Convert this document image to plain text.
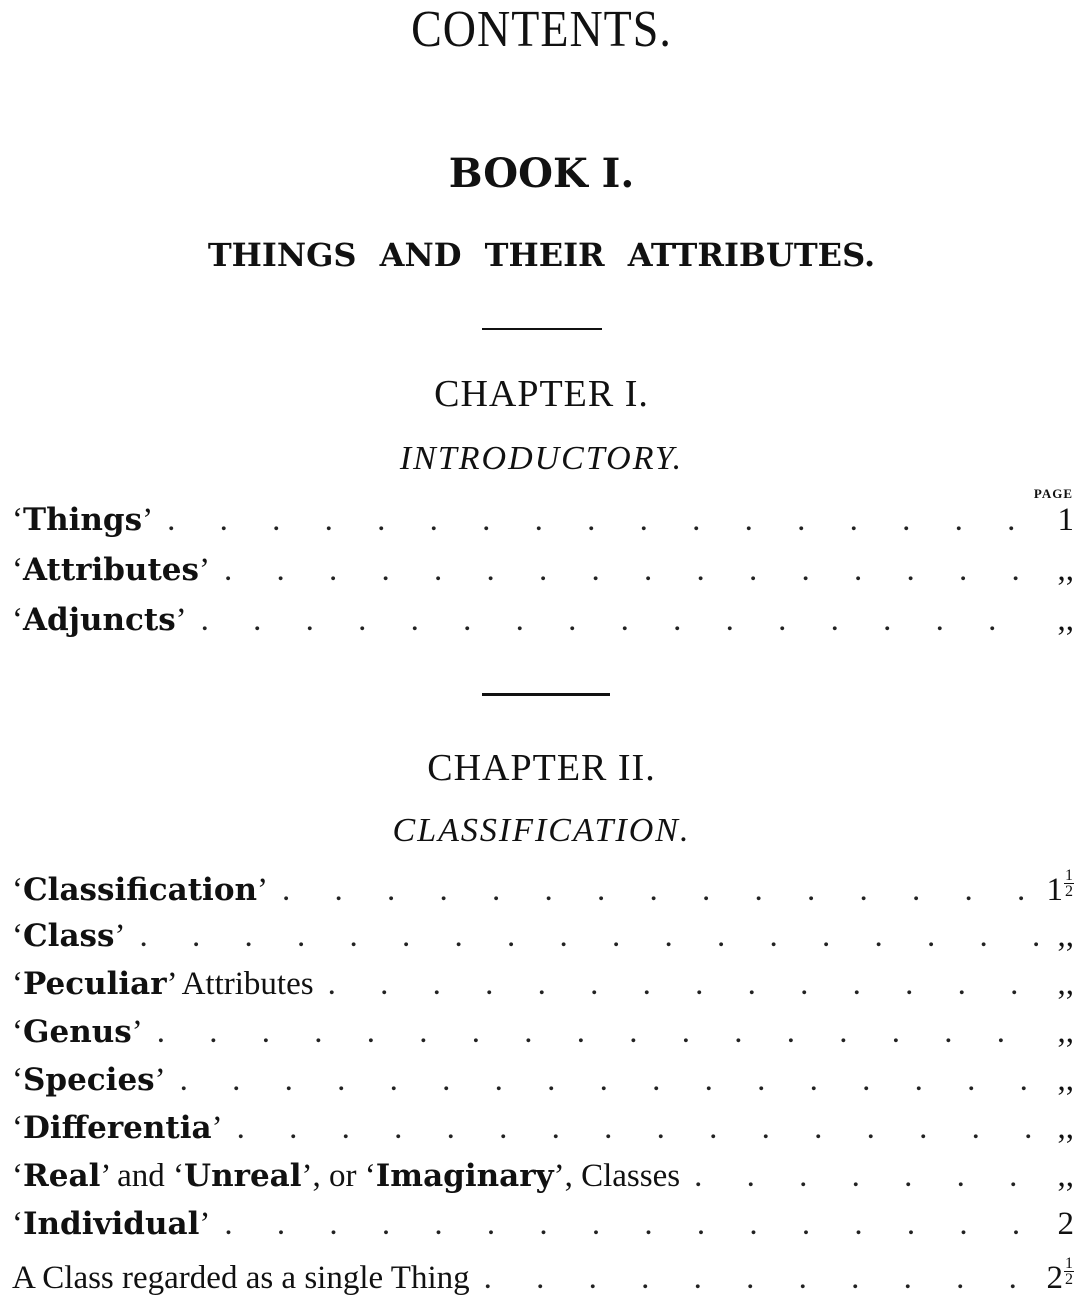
CONTENTS.
BOOK I.
THINGS AND THEIR ATTRIBUTES.
CHAPTER I.
INTRODUCTORY.
PAGE
‘Things’ . . .	1
‘Attributes’ . . .	,,
‘Adjuncts’ . . .	,,
CHAPTER II.
CLASSIFICATION.
‘Classification’ . . .	$1 \frac{1}{2}$
‘Class’ . . .	,,
‘Peculiar’ Attributes . . .	,,
‘Genus’ . . .	,,
‘Species’ . . .	,,
‘Differentia’ . . .	,,
‘Real’ and ‘Unreal’, or ‘Imaginary’, Classes . . .	,,
‘Individual’ . . .	2
A Class regarded as a single Thing . . .	$2 \frac{1}{2}$
